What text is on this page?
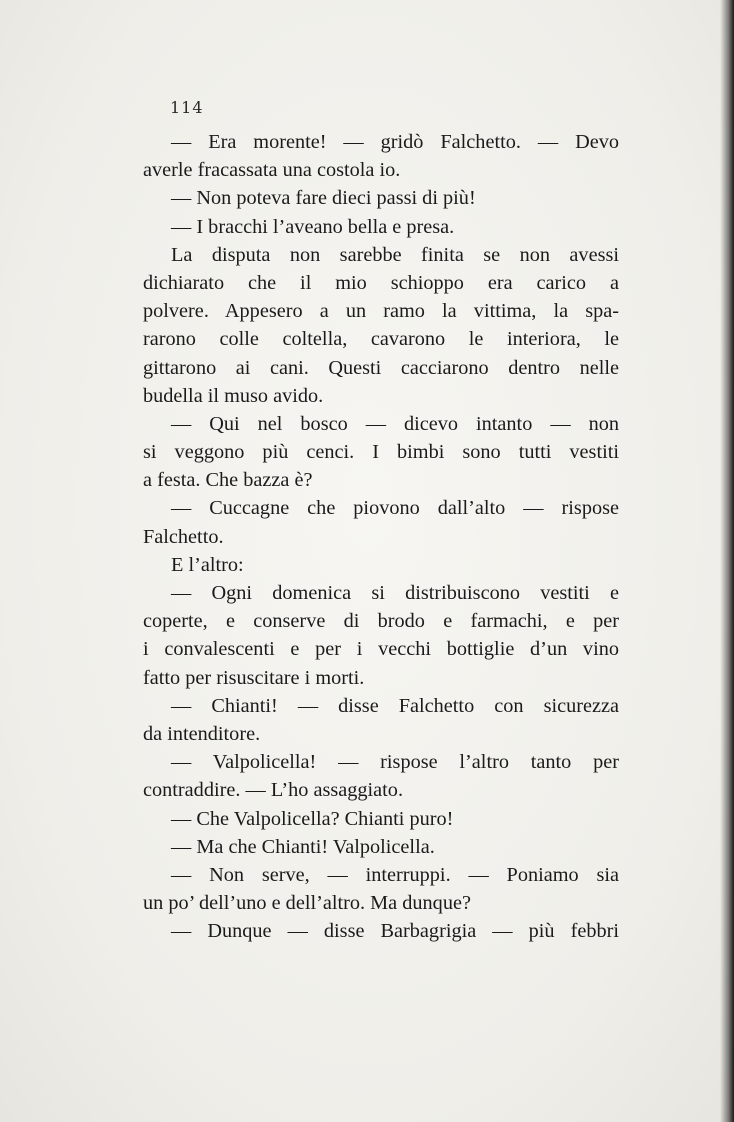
114
— Era morente! — gridò Falchetto. — Devo
averle fracassata una costola io.
— Non poteva fare dieci passi di più!
— I bracchi l’aveano bella e presa.
La disputa non sarebbe finita se non avessi
dichiarato che il mio schioppo era carico a
polvere. Appesero a un ramo la vittima, la spa-
rarono colle coltella, cavarono le interiora, le
gittarono ai cani. Questi cacciarono dentro nelle
budella il muso avido.
— Qui nel bosco — dicevo intanto — non
si veggono più cenci. I bimbi sono tutti vestiti
a festa. Che bazza è?
— Cuccagne che piovono dall’alto — rispose
Falchetto.
E l’altro:
— Ogni domenica si distribuiscono vestiti e
coperte, e conserve di brodo e farmachi, e per
i convalescenti e per i vecchi bottiglie d’un vino
fatto per risuscitare i morti.
— Chianti! — disse Falchetto con sicurezza
da intenditore.
— Valpolicella! — rispose l’altro tanto per
contraddire. — L’ho assaggiato.
— Che Valpolicella? Chianti puro!
— Ma che Chianti! Valpolicella.
— Non serve, — interruppi. — Poniamo sia
un po’ dell’uno e dell’altro. Ma dunque?
— Dunque — disse Barbagrigia — più febbri
